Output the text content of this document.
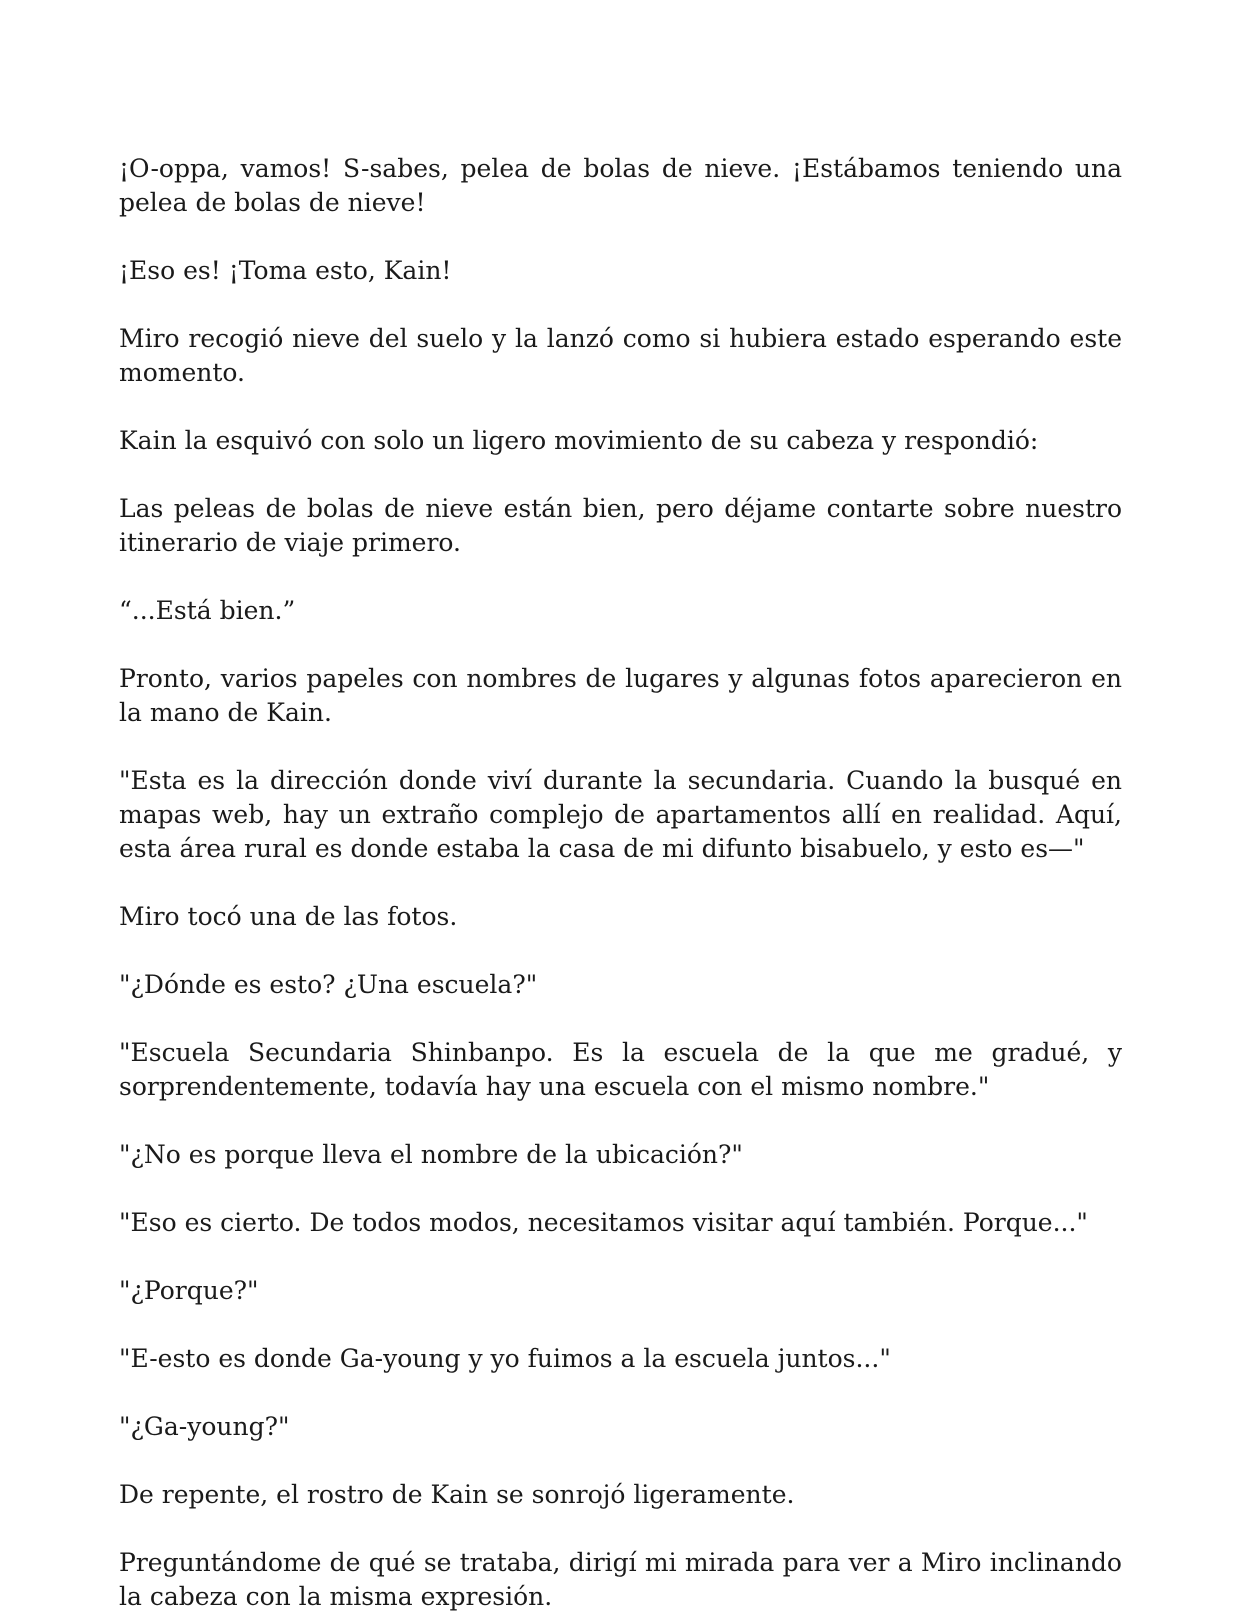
¡O-oppa, vamos! S-sabes, pelea de bolas de nieve. ¡Estábamos teniendo una pelea de bolas de nieve!

¡Eso es! ¡Toma esto, Kain!

Miro recogió nieve del suelo y la lanzó como si hubiera estado esperando este momento.

Kain la esquivó con solo un ligero movimiento de su cabeza y respondió:

Las peleas de bolas de nieve están bien, pero déjame contarte sobre nuestro itinerario de viaje primero.

“...Está bien.”

Pronto, varios papeles con nombres de lugares y algunas fotos aparecieron en la mano de Kain.

"Esta es la dirección donde viví durante la secundaria. Cuando la busqué en mapas web, hay un extraño complejo de apartamentos allí en realidad. Aquí, esta área rural es donde estaba la casa de mi difunto bisabuelo, y esto es—"

Miro tocó una de las fotos.

"¿Dónde es esto? ¿Una escuela?"

"Escuela Secundaria Shinbanpo. Es la escuela de la que me gradué, y sorprendentemente, todavía hay una escuela con el mismo nombre."

"¿No es porque lleva el nombre de la ubicación?"

"Eso es cierto. De todos modos, necesitamos visitar aquí también. Porque..."

"¿Porque?"

"E-esto es donde Ga-young y yo fuimos a la escuela juntos..."

"¿Ga-young?"

De repente, el rostro de Kain se sonrojó ligeramente.

Preguntándome de qué se trataba, dirigí mi mirada para ver a Miro inclinando la cabeza con la misma expresión.
